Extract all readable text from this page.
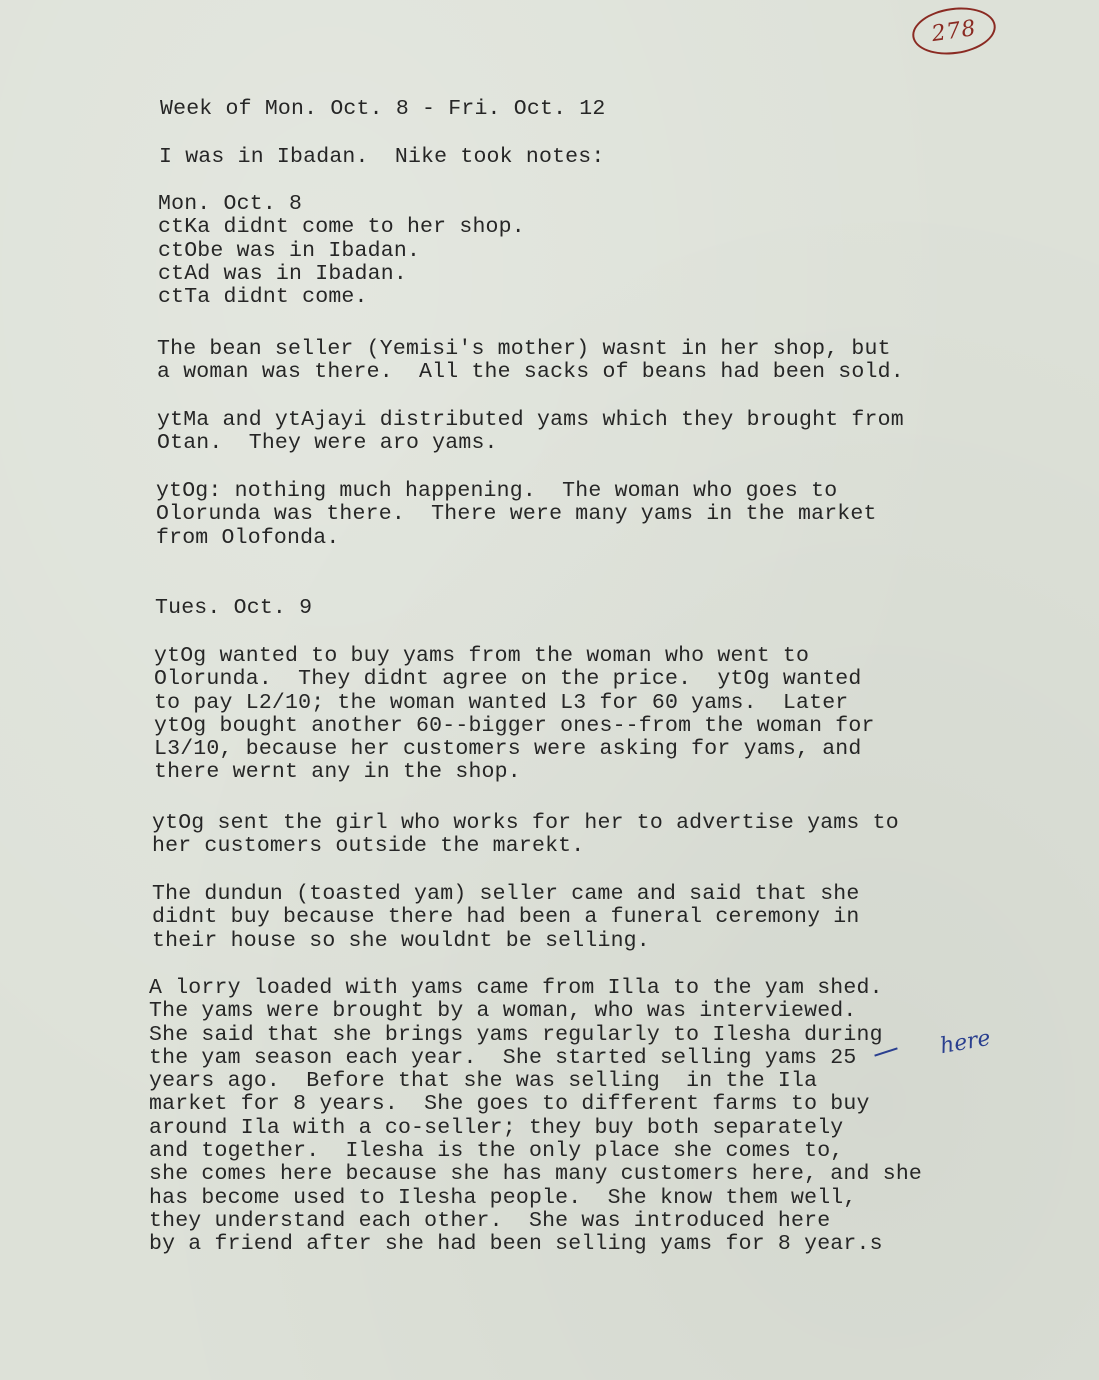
278
Week of Mon. Oct. 8 - Fri. Oct. 12
I was in Ibadan.  Nike took notes:
Mon. Oct. 8
ctKa didnt come to her shop.
ctObe was in Ibadan.
ctAd was in Ibadan.
ctTa didnt come.
The bean seller (Yemisi's mother) wasnt in her shop, but
a woman was there.  All the sacks of beans had been sold.
ytMa and ytAjayi distributed yams which they brought from
Otan.  They were aro yams.
ytOg: nothing much happening.  The woman who goes to
Olorunda was there.  There were many yams in the market
from Olofonda.
Tues. Oct. 9
ytOg wanted to buy yams from the woman who went to
Olorunda.  They didnt agree on the price.  ytOg wanted
to pay L2/10; the woman wanted L3 for 60 yams.  Later
ytOg bought another 60--bigger ones--from the woman for
L3/10, because her customers were asking for yams, and
there wernt any in the shop.
ytOg sent the girl who works for her to advertise yams to
her customers outside the marekt.
The dundun (toasted yam) seller came and said that she
didnt buy because there had been a funeral ceremony in
their house so she wouldnt be selling.
A lorry loaded with yams came from Illa to the yam shed.
The yams were brought by a woman, who was interviewed.
She said that she brings yams regularly to Ilesha during
the yam season each year.  She started selling yams 25
years ago.  Before that she was selling  in the Ila
market for 8 years.  She goes to different farms to buy
around Ila with a co-seller; they buy both separately
and together.  Ilesha is the only place she comes to,
she comes here because she has many customers here, and she
has become used to Ilesha people.  She know them well,
they understand each other.  She was introduced here
by a friend after she had been selling yams for 8 year.s
here
